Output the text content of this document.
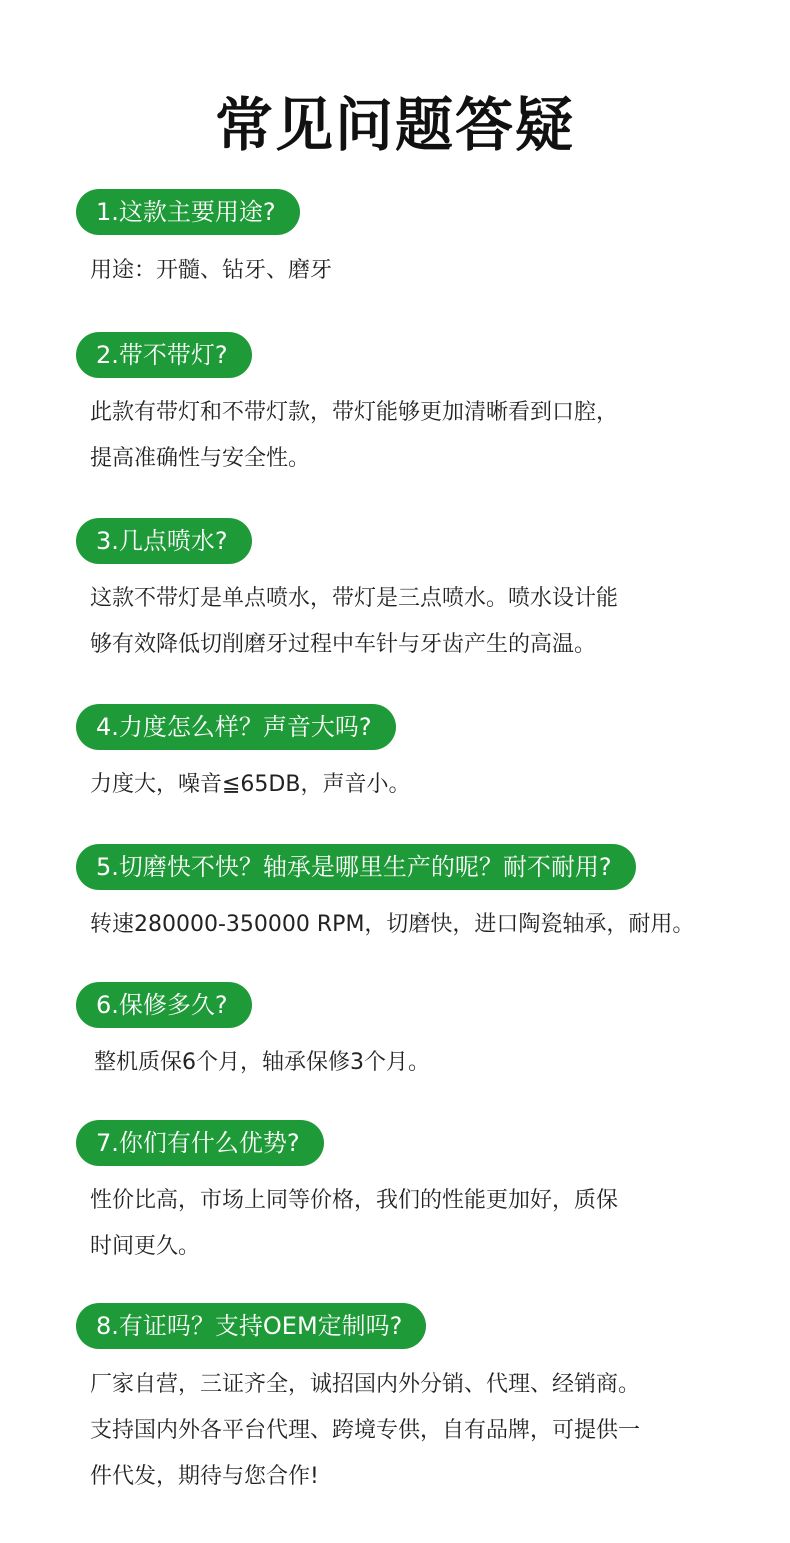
常见问题答疑
1.这款主要用途?
用途：开髓、钻牙、磨牙
2.带不带灯?
此款有带灯和不带灯款，带灯能够更加清晰看到口腔，
提高准确性与安全性。
3.几点喷水?
这款不带灯是单点喷水，带灯是三点喷水。喷水设计能
够有效降低切削磨牙过程中车针与牙齿产生的高温。
4.力度怎么样？声音大吗?
力度大，噪音≦65DB，声音小。
5.切磨快不快？轴承是哪里生产的呢？耐不耐用?
转速280000-350000 RPM，切磨快，进口陶瓷轴承，耐用。
6.保修多久?
整机质保6个月，轴承保修3个月。
7.你们有什么优势?
性价比高，市场上同等价格，我们的性能更加好，质保
时间更久。
8.有证吗？支持OEM定制吗?
厂家自营，三证齐全，诚招国内外分销、代理、经销商。
支持国内外各平台代理、跨境专供，自有品牌，可提供一
件代发，期待与您合作!
